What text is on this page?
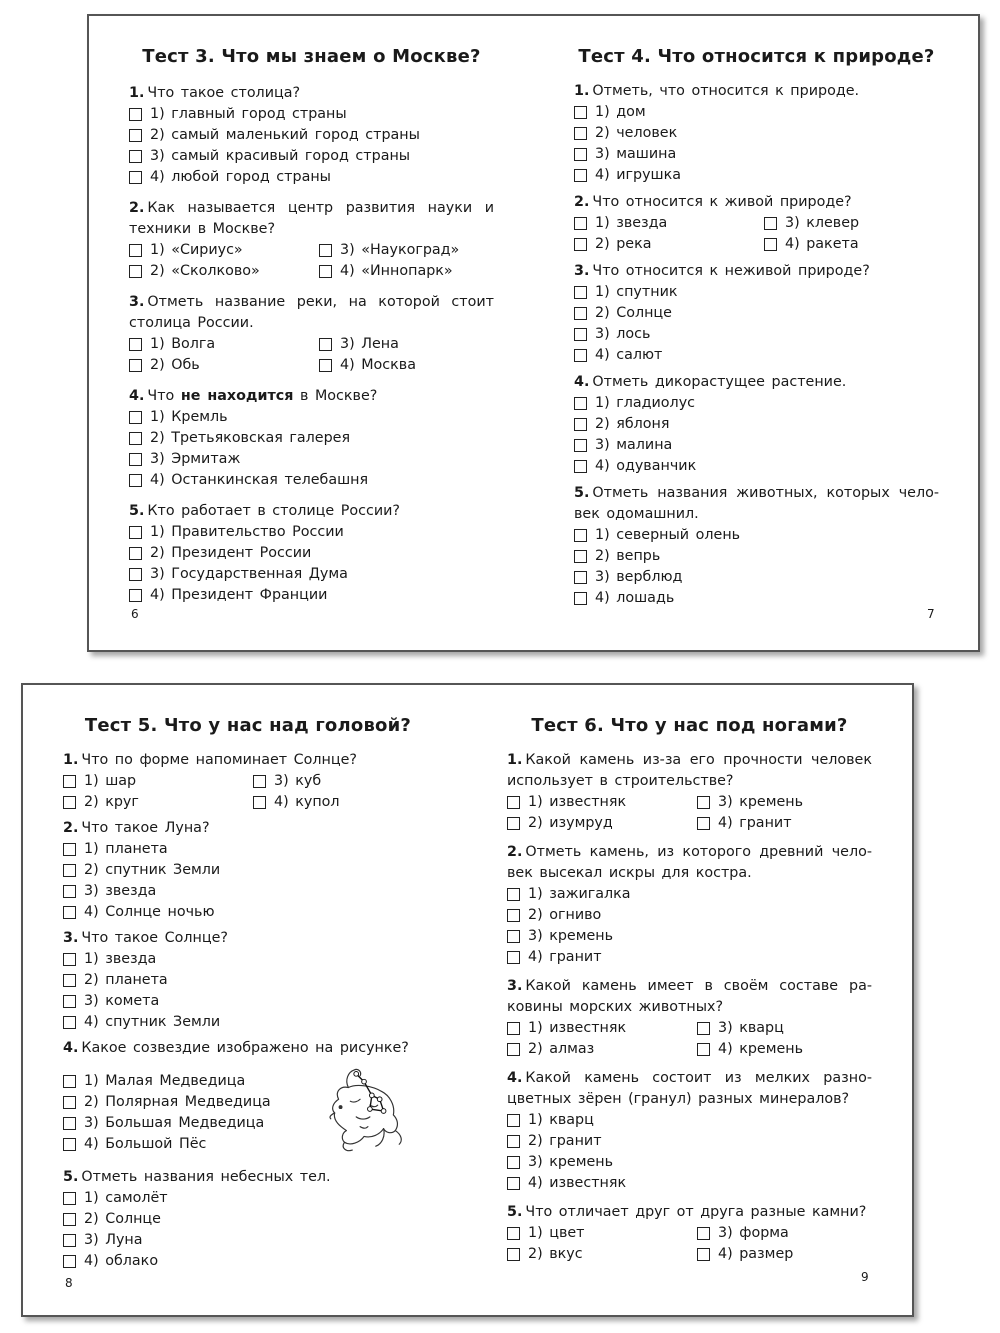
Тест 3. Что мы знаем о Москве?
1. Что такое столица?
1) главный город страны
2) самый маленький город страны
3) самый красивый город страны
4) любой город страны
2. Как называется центр развития науки и техники в Москве?
1) «Сириус»	3) «Наукоград»
2) «Сколково»	4) «Иннопарк»
3. Отметь название реки, на которой стоит столица России.
1) Волга	3) Лена
2) Обь	4) Москва
4. Что не находится в Москве?
1) Кремль
2) Третьяковская галерея
3) Эрмитаж
4) Останкинская телебашня
5. Кто работает в столице России?
1) Правительство России
2) Президент России
3) Государственная Дума
4) Президент Франции
6
Тест 4. Что относится к природе?
1. Отметь, что относится к природе.
1) дом
2) человек
3) машина
4) игрушка
2. Что относится к живой природе?
1) звезда	3) клевер
2) река	4) ракета
3. Что относится к неживой природе?
1) спутник
2) Солнце
3) лось
4) салют
4. Отметь дикорастущее растение.
1) гладиолус
2) яблоня
3) малина
4) одуванчик
5. Отметь названия животных, которых чело-век одомашнил.
1) северный олень
2) вепрь
3) верблюд
4) лошадь
7
Тест 5. Что у нас над головой?
1. Что по форме напоминает Солнце?
1) шар	3) куб
2) круг	4) купол
2. Что такое Луна?
1) планета
2) спутник Земли
3) звезда
4) Солнце ночью
3. Что такое Солнце?
1) звезда
2) планета
3) комета
4) спутник Земли
4. Какое созвездие изображено на рисунке?
1) Малая Медведица
2) Полярная Медведица
3) Большая Медведица
4) Большой Пёс
5. Отметь названия небесных тел.
1) самолёт
2) Солнце
3) Луна
4) облако
8
Тест 6. Что у нас под ногами?
1. Какой камень из-за его прочности человек использует в строительстве?
1) известняк	3) кремень
2) изумруд	4) гранит
2. Отметь камень, из которого древний чело-век высекал искры для костра.
1) зажигалка
2) огниво
3) кремень
4) гранит
3. Какой камень имеет в своём составе ра-ковины морских животных?
1) известняк	3) кварц
2) алмаз	4) кремень
4. Какой камень состоит из мелких разно-цветных зёрен (гранул) разных минералов?
1) кварц
2) гранит
3) кремень
4) известняк
5. Что отличает друг от друга разные камни?
1) цвет	3) форма
2) вкус	4) размер
9
